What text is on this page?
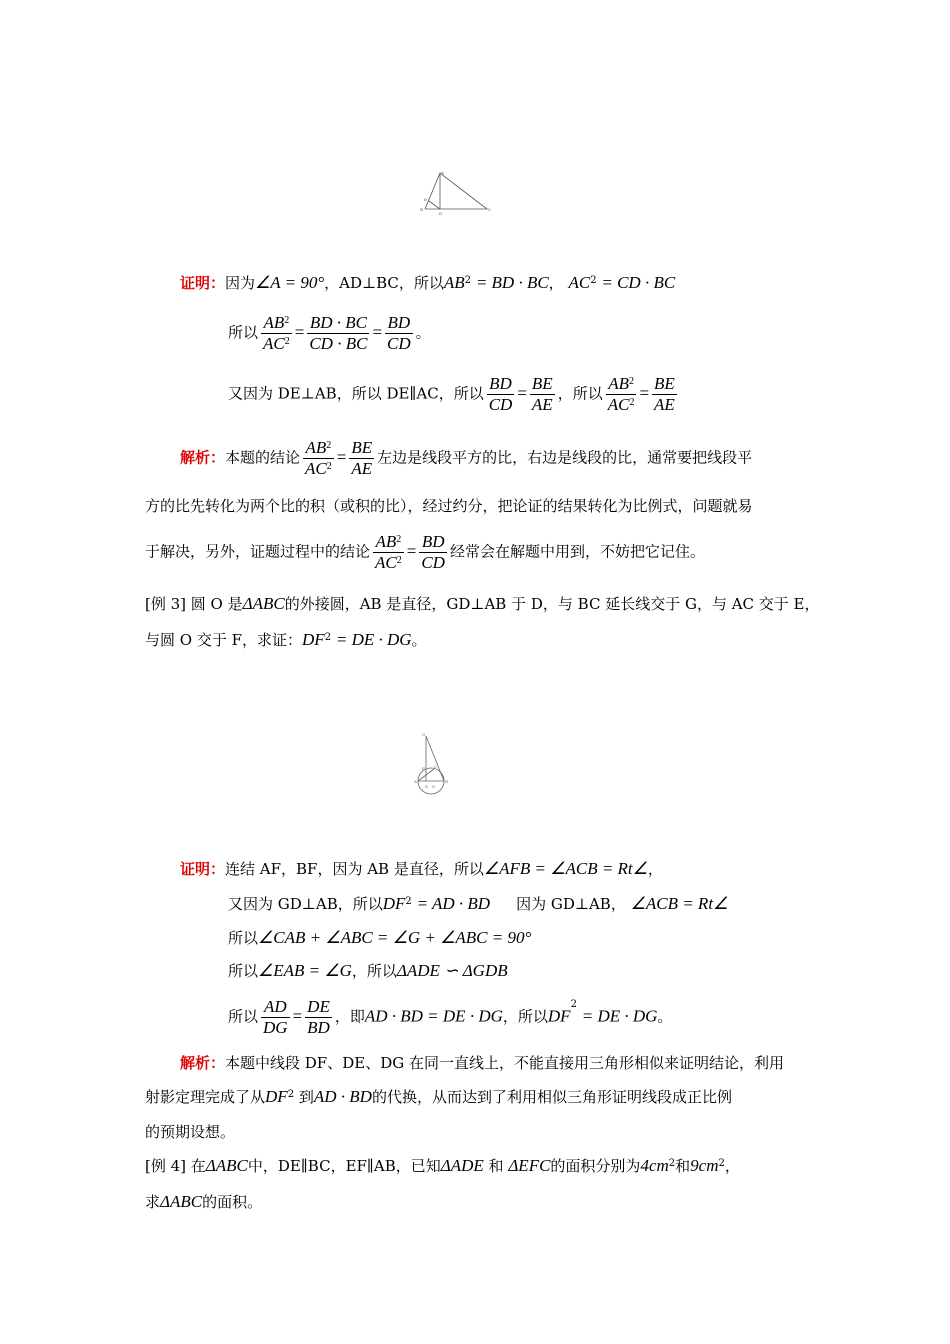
A
B	C
D
E
证明：因为∠A = 90°，AD⊥BC，所以$AB^2$ = BD · BC， $AC^2$ = CD · BC
所以 $\frac{AB^2}{AC^2} = \frac{BD \cdot BC}{CD \cdot BC} = \frac{BD}{CD}$ 。
又因为 DE⊥AB，所以 DE∥AC，所以 $\frac{BD}{CD} = \frac{BE}{AE}$ ，所以 $\frac{AB^2}{AC^2} = \frac{BE}{AE}$
解析：本题的结论 $\frac{AB^2}{AC^2} = \frac{BE}{AE}$ 左边是线段平方的比，右边是线段的比，通常要把线段平
方的比先转化为两个比的积（或积的比），经过约分，把论证的结果转化为比例式，问题就易
于解决，另外，证题过程中的结论 $\frac{AB^2}{AC^2} = \frac{BD}{CD}$ 经常会在解题中用到，不妨把它记住。
[例 3] 圆 O 是ΔABC的外接圆，AB 是直径，GD⊥AB 于 D，与 BC 延长线交于 G，与 AC 交于 E，
与圆 O 交于 F，求证：$DF^2$ = DE · DG。
G
C
F
A	B
D O
证明：连结 AF，BF，因为 AB 是直径，所以∠AFB = ∠ACB = Rt∠，
又因为 GD⊥AB，所以$DF^2$ = AD · BD 因为 GD⊥AB， ∠ACB = Rt∠
所以∠CAB + ∠ABC = ∠G + ∠ABC = 90°
所以∠EAB = ∠G，所以ΔADE ∽ ΔGDB
所以 $\frac{AD}{DG} = \frac{DE}{BD}$ ，即AD · BD = DE · DG，所以$DF^2$ = DE · DG。
解析：本题中线段 DF、DE、DG 在同一直线上，不能直接用三角形相似来证明结论，利用
射影定理完成了从$DF^2$ 到AD · BD的代换，从而达到了利用相似三角形证明线段成正比例
的预期设想。
[例 4] 在ΔABC中，DE∥BC，EF∥AB，已知ΔADE 和 ΔEFC的面积分别为$4cm^2$和$9cm^2$，
求ΔABC的面积。
